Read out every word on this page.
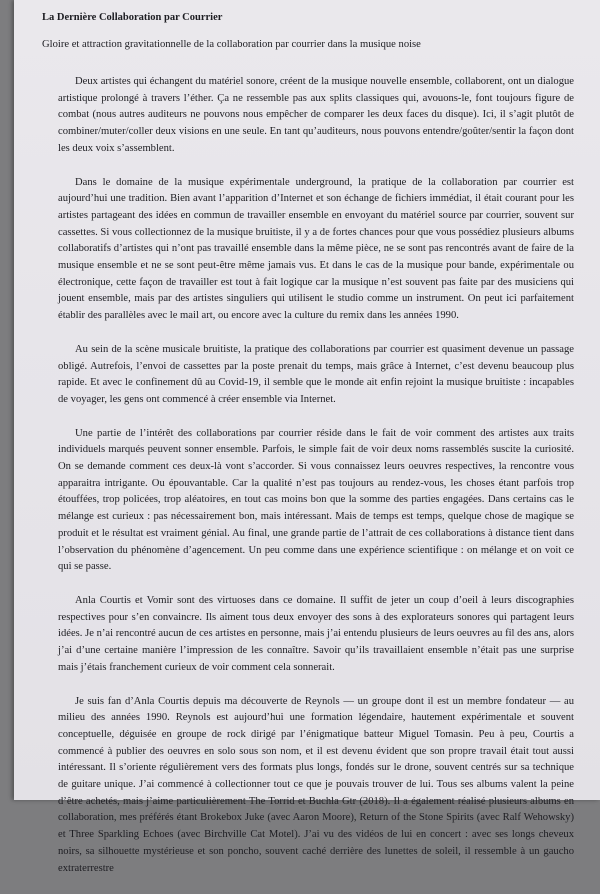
La Dernière Collaboration par Courrier

Gloire et attraction gravitationnelle de la collaboration par courrier dans la musique noise

Deux artistes qui échangent du matériel sonore, créent de la musique nouvelle ensemble, collaborent, ont un dialogue artistique prolongé à travers l’éther. Ça ne ressemble pas aux splits classiques qui, avouons-le, font toujours figure de combat (nous autres auditeurs ne pouvons nous empêcher de comparer les deux faces du disque). Ici, il s’agit plutôt de combiner/muter/coller deux visions en une seule. En tant qu’auditeurs, nous pouvons entendre/goûter/sentir la façon dont les deux voix s’assemblent.

Dans le domaine de la musique expérimentale underground, la pratique de la collaboration par courrier est aujourd’hui une tradition. Bien avant l’apparition d’Internet et son échange de fichiers immédiat, il était courant pour les artistes partageant des idées en commun de travailler ensemble en envoyant du matériel source par courrier, souvent sur cassettes. Si vous collectionnez de la musique bruitiste, il y a de fortes chances pour que vous possédiez plusieurs albums collaboratifs d’artistes qui n’ont pas travaillé ensemble dans la même pièce, ne se sont pas rencontrés avant de faire de la musique ensemble et ne se sont peut-être même jamais vus. Et dans le cas de la musique pour bande, expérimentale ou électronique, cette façon de travailler est tout à fait logique car la musique n’est souvent pas faite par des musiciens qui jouent ensemble, mais par des artistes singuliers qui utilisent le studio comme un instrument. On peut ici parfaitement établir des parallèles avec le mail art, ou encore avec la culture du remix dans les années 1990.

Au sein de la scène musicale bruitiste, la pratique des collaborations par courrier est quasiment devenue un passage obligé. Autrefois, l’envoi de cassettes par la poste prenait du temps, mais grâce à Internet, c’est devenu beaucoup plus rapide. Et avec le confinement dû au Covid-19, il semble que le monde ait enfin rejoint la musique bruitiste : incapables de voyager, les gens ont commencé à créer ensemble via Internet.

Une partie de l’intérêt des collaborations par courrier réside dans le fait de voir comment des artistes aux traits individuels marqués peuvent sonner ensemble. Parfois, le simple fait de voir deux noms rassemblés suscite la curiosité. On se demande comment ces deux-là vont s’accorder. Si vous connaissez leurs oeuvres respectives, la rencontre vous apparaitra intrigante. Ou épouvantable. Car la qualité n’est pas toujours au rendez-vous, les choses étant parfois trop étouffées, trop policées, trop aléatoires, en tout cas moins bon que la somme des parties engagées. Dans certains cas le mélange est curieux : pas nécessairement bon, mais intéressant. Mais de temps est temps, quelque chose de magique se produit et le résultat est vraiment génial. Au final, une grande partie de l’attrait de ces collaborations à distance tient dans l’observation du phénomène d’agencement. Un peu comme dans une expérience scientifique : on mélange et on voit ce qui se passe.

Anla Courtis et Vomir sont des virtuoses dans ce domaine. Il suffit de jeter un coup d’oeil à leurs discographies respectives pour s’en convaincre. Ils aiment tous deux envoyer des sons à des explorateurs sonores qui partagent leurs idées. Je n’ai rencontré aucun de ces artistes en personne, mais j’ai entendu plusieurs de leurs oeuvres au fil des ans, alors j’ai d’une certaine manière l’impression de les connaître. Savoir qu’ils travaillaient ensemble n’était pas une surprise mais j’étais franchement curieux de voir comment cela sonnerait.

Je suis fan d’Anla Courtis depuis ma découverte de Reynols — un groupe dont il est un membre fondateur — au milieu des années 1990. Reynols est aujourd’hui une formation légendaire, hautement expérimentale et souvent conceptuelle, déguisée en groupe de rock dirigé par l’énigmatique batteur Miguel Tomasin. Peu à peu, Courtis a commencé à publier des oeuvres en solo sous son nom, et il est devenu évident que son propre travail était tout aussi intéressant. Il s’oriente régulièrement vers des formats plus longs, fondés sur le drone, souvent centrés sur sa technique de guitare unique. J’ai commencé à collectionner tout ce que je pouvais trouver de lui. Tous ses albums valent la peine d’être achetés, mais j’aime particulièrement The Torrid et Buchla Gtr (2018). Il a également réalisé plusieurs albums en collaboration, mes préférés étant Brokebox Juke (avec Aaron Moore), Return of the Stone Spirits (avec Ralf Wehowsky) et Three Sparkling Echoes (avec Birchville Cat Motel). J’ai vu des vidéos de lui en concert : avec ses longs cheveux noirs, sa silhouette mystérieuse et son poncho, souvent caché derrière des lunettes de soleil, il ressemble à un gaucho extraterrestre
